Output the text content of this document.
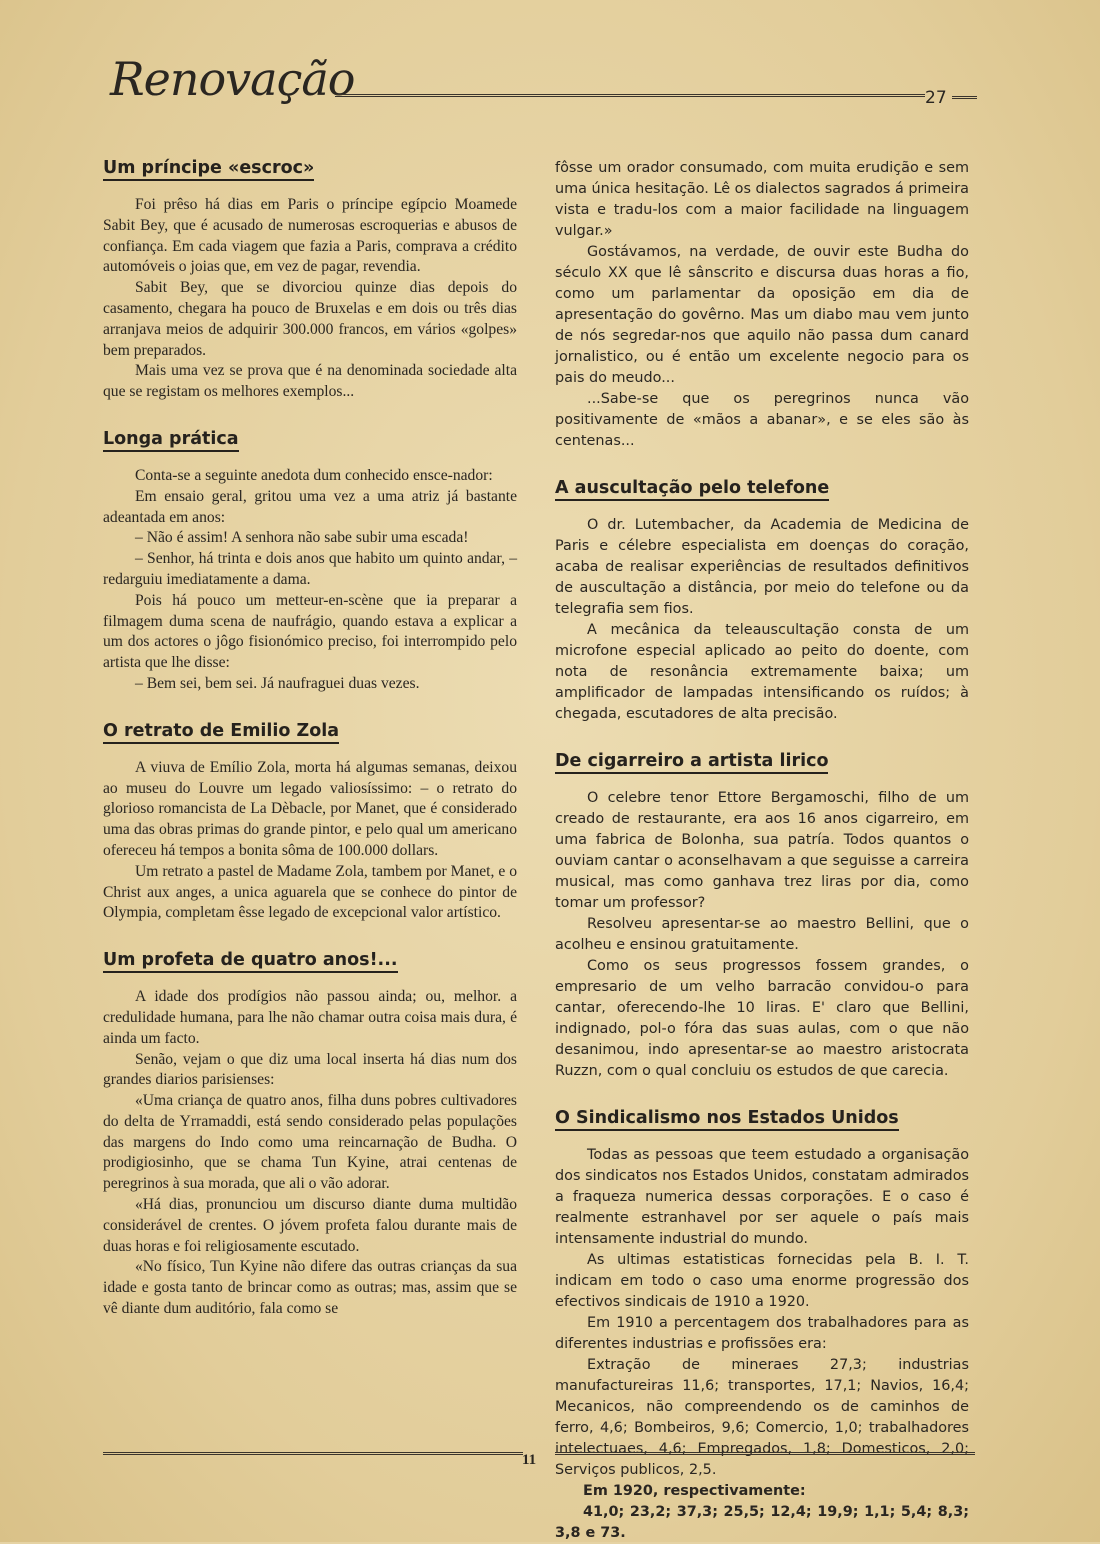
Renovação	27
Um príncipe «escroc»

Foi prêso há dias em Paris o príncipe egípcio Moamede Sabit Bey, que é acusado de numerosas escroquerias e abusos de confiança. Em cada viagem que fazia a Paris, comprava a crédito automóveis o joias que, em vez de pagar, revendia.

Sabit Bey, que se divorciou quinze dias depois do casamento, chegara ha pouco de Bruxelas e em dois ou três dias arranjava meios de adquirir 300.000 francos, em vários «golpes» bem preparados.

Mais uma vez se prova que é na denominada sociedade alta que se registam os melhores exemplos...

Longa prática

Conta-se a seguinte anedota dum conhecido ensce-nador:

Em ensaio geral, gritou uma vez a uma atriz já bastante adeantada em anos:

– Não é assim! A senhora não sabe subir uma escada!

– Senhor, há trinta e dois anos que habito um quinto andar, – redarguiu imediatamente a dama.

Pois há pouco um metteur-en-scène que ia preparar a filmagem duma scena de naufrágio, quando estava a explicar a um dos actores o jôgo fisionómico preciso, foi interrompido pelo artista que lhe disse:

– Bem sei, bem sei. Já naufraguei duas vezes.

O retrato de Emilio Zola

A viuva de Emílio Zola, morta há algumas semanas, deixou ao museu do Louvre um legado valiosíssimo: – o retrato do glorioso romancista de La Dèbacle, por Manet, que é considerado uma das obras primas do grande pintor, e pelo qual um americano ofereceu há tempos a bonita sôma de 100.000 dollars.

Um retrato a pastel de Madame Zola, tambem por Manet, e o Christ aux anges, a unica aguarela que se conhece do pintor de Olympia, completam êsse legado de excepcional valor artístico.

Um profeta de quatro anos!...

A idade dos prodígios não passou ainda; ou, melhor. a credulidade humana, para lhe não chamar outra coisa mais dura, é ainda um facto.

Senão, vejam o que diz uma local inserta há dias num dos grandes diarios parisienses:

«Uma criança de quatro anos, filha duns pobres cultivadores do delta de Yrramaddi, está sendo considerado pelas populações das margens do Indo como uma reincarnação de Budha. O prodigiosinho, que se chama Tun Kyine, atrai centenas de peregrinos à sua morada, que ali o vão adorar.

«Há dias, pronunciou um discurso diante duma multidão considerável de crentes. O jóvem profeta falou durante mais de duas horas e foi religiosamente escutado.

«No físico, Tun Kyine não difere das outras crianças da sua idade e gosta tanto de brincar como as outras; mas, assim que se vê diante dum auditório, fala como se

fôsse um orador consumado, com muita erudição e sem uma única hesitação. Lê os dialectos sagrados á primeira vista e tradu-los com a maior facilidade na linguagem vulgar.»

Gostávamos, na verdade, de ouvir este Budha do século XX que lê sânscrito e discursa duas horas a fio, como um parlamentar da oposição em dia de apresentação do govêrno. Mas um diabo mau vem junto de nós segredar-nos que aquilo não passa dum canard jornalistico, ou é então um excelente negocio para os pais do meudo...

...Sabe-se que os peregrinos nunca vão positivamente de «mãos a abanar», e se eles são às centenas...

A auscultação pelo telefone

O dr. Lutembacher, da Academia de Medicina de Paris e célebre especialista em doenças do coração, acaba de realisar experiências de resultados definitivos de auscultação a distância, por meio do telefone ou da telegrafia sem fios.

A mecânica da teleauscultação consta de um microfone especial aplicado ao peito do doente, com nota de resonância extremamente baixa; um amplificador de lampadas intensificando os ruídos; à chegada, escutadores de alta precisão.

De cigarreiro a artista lirico

O celebre tenor Ettore Bergamoschi, filho de um creado de restaurante, era aos 16 anos cigarreiro, em uma fabrica de Bolonha, sua patría. Todos quantos o ouviam cantar o aconselhavam a que seguisse a carreira musical, mas como ganhava trez liras por dia, como tomar um professor?

Resolveu apresentar-se ao maestro Bellini, que o acolheu e ensinou gratuitamente.

Como os seus progressos fossem grandes, o empresario de um velho barracão convidou-o para cantar, oferecendo-lhe 10 liras. E' claro que Bellini, indignado, pol-o fóra das suas aulas, com o que não desanimou, indo apresentar-se ao maestro aristocrata Ruzzn, com o qual concluiu os estudos de que carecia.

O Sindicalismo nos Estados Unidos

Todas as pessoas que teem estudado a organisação dos sindicatos nos Estados Unidos, constatam admirados a fraqueza numerica dessas corporações. E o caso é realmente estranhavel por ser aquele o país mais intensamente industrial do mundo.

As ultimas estatisticas fornecidas pela B. I. T. indicam em todo o caso uma enorme progressão dos efectivos sindicais de 1910 a 1920.

Em 1910 a percentagem dos trabalhadores para as diferentes industrias e profissões era:

Extração de mineraes 27,3; industrias manufactureiras 11,6; transportes, 17,1; Navios, 16,4; Mecanicos, não compreendendo os de caminhos de ferro, 4,6; Bombeiros, 9,6; Comercio, 1,0; trabalhadores intelectuaes, 4,6; Empregados, 1,8; Domesticos, 2,0; Serviços publicos, 2,5.

Em 1920, respectivamente:

41,0; 23,2; 37,3; 25,5; 12,4; 19,9; 1,1; 5,4; 8,3; 3,8 e 73.

11
